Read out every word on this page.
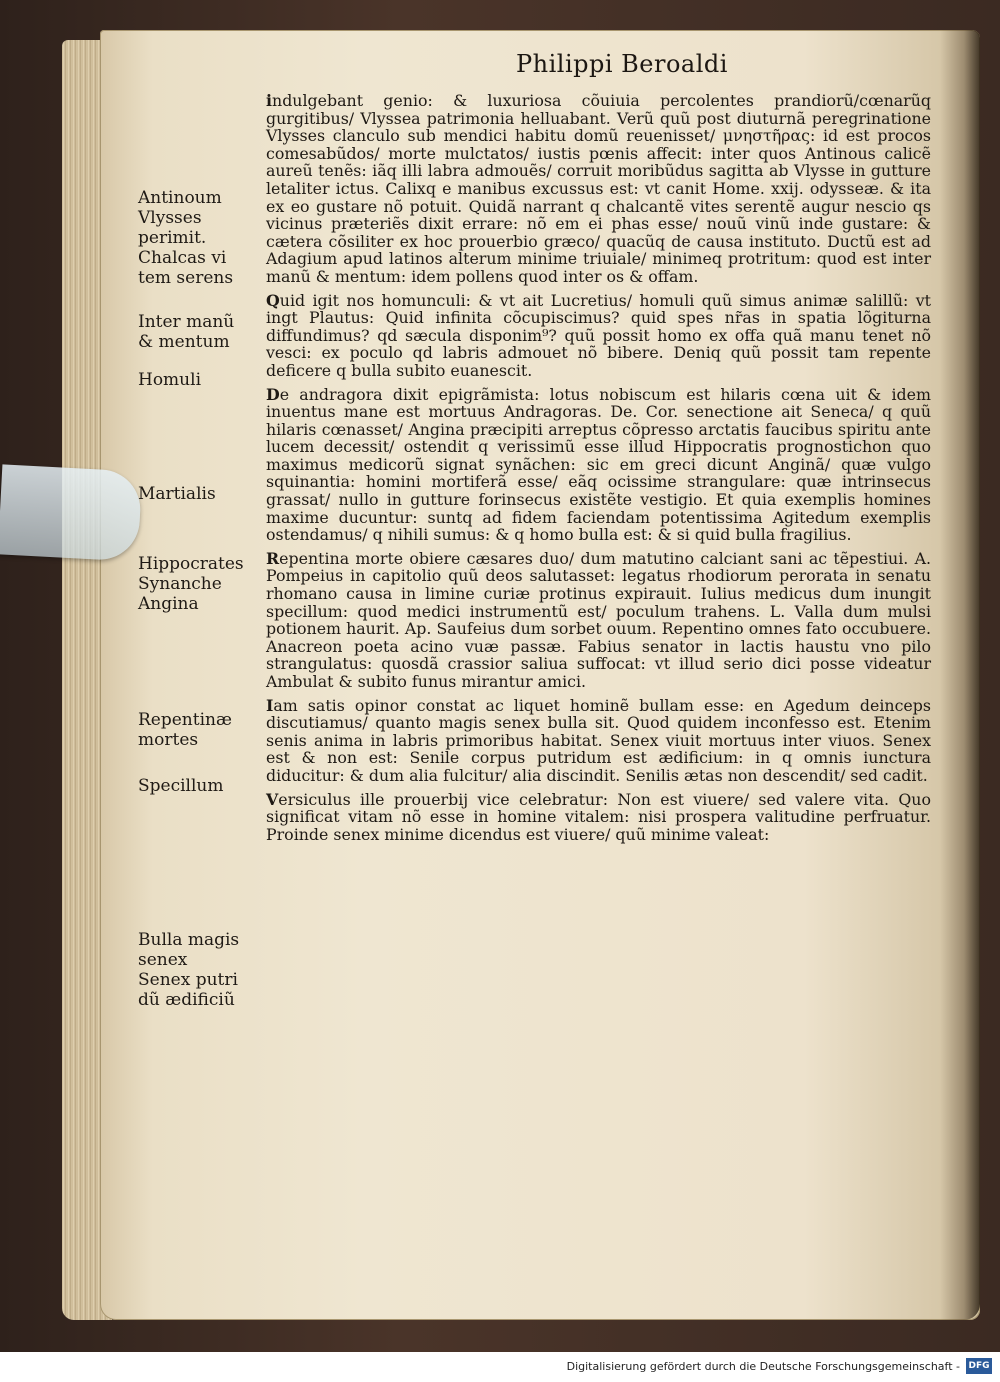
Philippi Beroaldi
Antinoum
Vlysses
perimit.
Chalcas vi
tem serens
Inter manũ
& mentum
Homuli
Martialis
Hippocrates
Synanche
Angina
Repentinæ
mortes
Specillum
Bulla magis
senex
Senex putri
dũ ædificiũ

indulgebant genio: & luxuriosa cõuiuia percolentes prandiorũ/cœnarũq gurgitibus/ Vlyssea patrimonia helluabant. Verũ quũ post diuturnã peregrinatione Vlysses clanculo sub mendici habitu domũ reuenisset/ μνηστῆρας: id est procos comesabũdos/ morte mulctatos/ iustis pœnis affecit: inter quos Antinous calicẽ aureũ tenẽs: iãq illi labra admouẽs/ corruit moribũdus sagitta ab Vlysse in gutture letaliter ictus. Calixq e manibus excussus est: vt canit Home. xxij. odysseæ. & ita ex eo gustare nõ potuit. Quidã narrant q chalcantẽ vites serentẽ augur nescio qs vicinus præteriẽs dixit errare: nõ em ei phas esse/ nouũ vinũ inde gustare: & cætera cõsiliter ex hoc prouerbio græco/ quacũq de causa instituto. Ductũ est ad Adagium apud latinos alterum minime triuiale/ minimeq protritum: quod est inter manũ & mentum: idem pollens quod inter os & offam.

Quid igit nos homunculi: & vt ait Lucretius/ homuli quũ simus animæ salillũ: vt ingt Plautus: Quid infinita cõcupiscimus? quid spes nr̃as in spatia lõgiturna diffundimus? qd sæcula disponim⁹? quũ possit homo ex offa quã manu tenet nõ vesci: ex poculo qd labris admouet nõ bibere. Deniq quũ possit tam repente deficere q bulla subito euanescit.

De andragora dixit epigrãmista: lotus nobiscum est hilaris cœna uit & idem inuentus mane est mortuus Andragoras. De. Cor. senectione ait Seneca/ q quũ hilaris cœnasset/ Angina præcipiti arreptus cõpresso arctatis faucibus spiritu ante lucem decessit/ ostendit q verissimũ esse illud Hippocratis prognostichon quo maximus medicorũ signat synãchen: sic em greci dicunt Anginã/ quæ vulgo squinantia: homini mortiferã esse/ eãq ocissime strangulare: quæ intrinsecus grassat/ nullo in gutture forinsecus existẽte vestigio. Et quia exemplis homines maxime ducuntur: suntq ad fidem faciendam potentissima Agitedum exemplis ostendamus/ q nihili sumus: & q homo bulla est: & si quid bulla fragilius.

Repentina morte obiere cæsares duo/ dum matutino calciant sani ac tẽpestiui. A. Pompeius in capitolio quũ deos salutasset: legatus rhodiorum perorata in senatu rhomano causa in limine curiæ protinus expirauit. Iulius medicus dum inungit specillum: quod medici instrumentũ est/ poculum trahens. L. Valla dum mulsi potionem haurit. Ap. Saufeius dum sorbet ouum. Repentino omnes fato occubuere. Anacreon poeta acino vuæ passæ. Fabius senator in lactis haustu vno pilo strangulatus: quosdã crassior saliua suffocat: vt illud serio dici posse videatur Ambulat & subito funus mirantur amici.

Iam satis opinor constat ac liquet hominẽ bullam esse: en Agedum deinceps discutiamus/ quanto magis senex bulla sit. Quod quidem inconfesso est. Etenim senis anima in labris primoribus habitat. Senex viuit mortuus inter viuos. Senex est & non est: Senile corpus putridum est ædificium: in q omnis iunctura diducitur: & dum alia fulcitur/ alia discindit. Senilis ætas non descendit/ sed cadit.

Versiculus ille prouerbij vice celebratur: Non est viuere/ sed valere vita. Quo significat vitam nõ esse in homine vitalem: nisi prospera valitudine perfruatur. Proinde senex minime dicendus est viuere/ quũ minime valeat:

Digitalisierung gefördert durch die Deutsche Forschungsgemeinschaft - DFG
